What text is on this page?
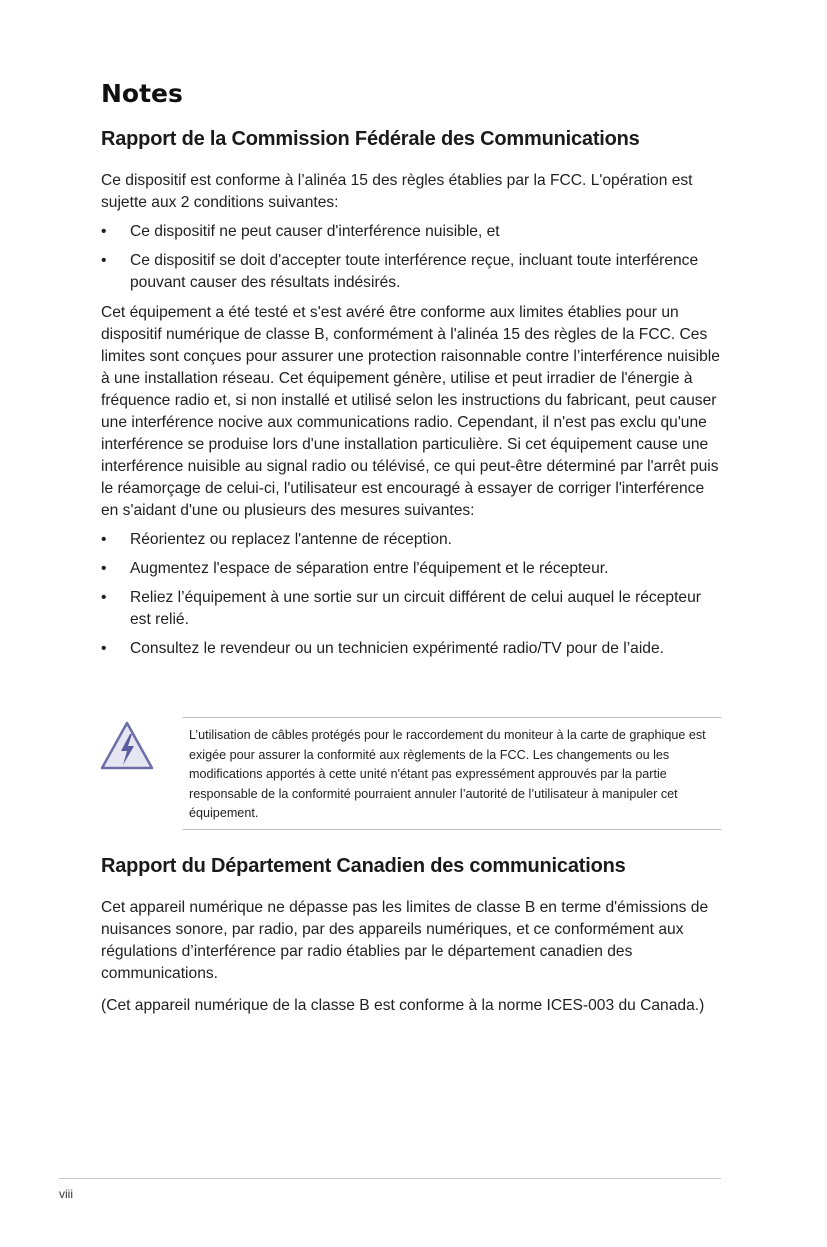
Notes
Rapport de la Commission Fédérale des Communications

Ce dispositif est conforme à l’alinéa 15 des règles établies par la FCC. L'opération est sujette aux 2 conditions suivantes:

• Ce dispositif ne peut causer d'interférence nuisible, et
• Ce dispositif se doit d'accepter toute interférence reçue, incluant toute interférence pouvant causer des résultats indésirés.

Cet équipement a été testé et s'est avéré être conforme aux limites établies pour un dispositif numérique de classe B, conformément à l'alinéa 15 des règles de la FCC. Ces limites sont conçues pour assurer une protection raisonnable contre l’interférence nuisible à une installation réseau. Cet équipement génère, utilise et peut irradier de l'énergie à fréquence radio et, si non installé et utilisé selon les instructions du fabricant, peut causer une interférence nocive aux communications radio. Cependant, il n'est pas exclu qu'une interférence se produise lors d'une installation particulière. Si cet équipement cause une interférence nuisible au signal radio ou télévisé, ce qui peut-être déterminé par l'arrêt puis le réamorçage de celui-ci, l'utilisateur est encouragé à essayer de corriger l'interférence en s'aidant d'une ou plusieurs des mesures suivantes:

• Réorientez ou replacez l'antenne de réception.
• Augmentez l'espace de séparation entre l'équipement et le récepteur.
• Reliez l’équipement à une sortie sur un circuit différent de celui auquel le récepteur est relié.
• Consultez le revendeur ou un technicien expérimenté radio/TV pour de l’aide.

L’utilisation de câbles protégés pour le raccordement du moniteur à la carte de graphique est exigée pour assurer la conformité aux règlements de la FCC. Les changements ou les modifications apportés à cette unité n'étant pas expressément approuvés par la partie responsable de la conformité pourraient annuler l’autorité de l’utilisateur à manipuler cet équipement.

Rapport du Département Canadien des communications

Cet appareil numérique ne dépasse pas les limites de classe B en terme d'émissions de nuisances sonore, par radio, par des appareils numériques, et ce conformément aux régulations d’interférence par radio établies par le département canadien des communications.

(Cet appareil numérique de la classe B est conforme à la norme ICES-003 du Canada.)

viii
